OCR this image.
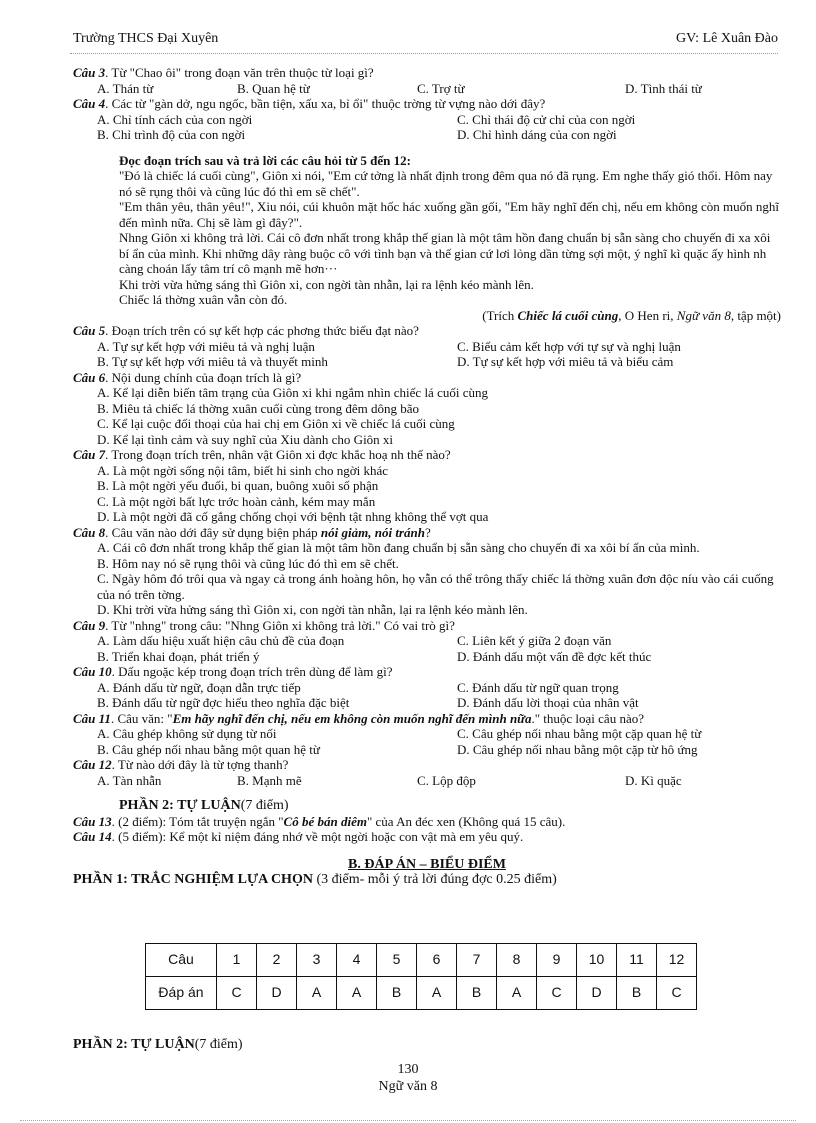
Trường THCS Đại Xuyên	GV: Lê Xuân Đào
Câu 3. Từ "Chao ôi" trong đoạn văn trên thuộc từ loại gì?
A. Thán từ	B. Quan hệ từ	C. Trợ từ	D. Tình thái từ
Câu 4. Các từ "gàn dở, ngu ngốc, bần tiện, xấu xa, bỉ ổi" thuộc trờng từ vựng nào dới đây?
A. Chỉ tính cách của con ngời	C. Chỉ thái độ cử chỉ của con ngời
B. Chỉ trình độ của con ngời	D. Chỉ hình dáng của con ngời
Đọc đoạn trích sau và trả lời các câu hỏi từ 5 đến 12:

"Đó là chiếc lá cuối cùng", Giôn xi nói, "Em cứ tởng là nhất định trong đêm qua nó đã rụng. Em nghe thấy gió thổi. Hôm nay nó sẽ rụng thôi và cũng lúc đó thì em sẽ chết".

"Em thân yêu, thân yêu!", Xiu nói, cúi khuôn mặt hốc hác xuống gần gối, "Em hãy nghĩ đến chị, nếu em không còn muốn nghĩ đến mình nữa. Chị sẽ làm gì đây?".

Nhng Giôn xi không trả lời. Cái cô đơn nhất trong khắp thế gian là một tâm hồn đang chuẩn bị sẵn sàng cho chuyến đi xa xôi bí ẩn của mình. Khi những dây ràng buộc cô với tình bạn và thế gian cứ lơi lỏng dần từng sợi một, ý nghĩ kì quặc ấy hình nh càng choán lấy tâm trí cô mạnh mẽ hơn···

Khi trời vừa hửng sáng thì Giôn xi, con ngời tàn nhẫn, lại ra lệnh kéo mành lên.

Chiếc lá thờng xuân vẫn còn đó.

(Trích Chiếc lá cuối cùng, O Hen ri, Ngữ văn 8, tập một)

Câu 5. Đoạn trích trên có sự kết hợp các phơng thức biểu đạt nào?
A. Tự sự kết hợp với miêu tả và nghị luận	C. Biểu cảm kết hợp với tự sự và nghị luận
B. Tự sự kết hợp với miêu tả và thuyết minh	D. Tự sự kết hợp với miêu tả và biểu cảm
Câu 6. Nội dung chính của đoạn trích là gì?
A. Kể lại diễn biến tâm trạng của Giôn xi khi ngắm nhìn chiếc lá cuối cùng
B. Miêu tả chiếc lá thờng xuân cuối cùng trong đêm dông bão
C. Kể lại cuộc đối thoại của hai chị em Giôn xi về chiếc lá cuối cùng
D. Kể lại tình cảm và suy nghĩ của Xiu dành cho Giôn xi
Câu 7. Trong đoạn trích trên, nhân vật Giôn xi đợc khắc hoạ nh thế nào?
A. Là một ngời sống nội tâm, biết hi sinh cho ngời khác
B. Là một ngời yếu đuối, bi quan, buông xuôi số phận
C. Là một ngời bất lực trớc hoàn cảnh, kém may mắn
D. Là một ngời đã cố gắng chống chọi với bệnh tật nhng không thể vợt qua
Câu 8. Câu văn nào dới đây sử dụng biện pháp nói giảm, nói tránh?
A. Cái cô đơn nhất trong khắp thế gian là một tâm hồn đang chuẩn bị sẵn sàng cho chuyến đi xa xôi bí ẩn của mình.
B. Hôm nay nó sẽ rụng thôi và cũng lúc đó thì em sẽ chết.
C. Ngày hôm đó trôi qua và ngay cả trong ánh hoàng hôn, họ vẫn có thể trông thấy chiếc lá thờng xuân đơn độc níu vào cái cuống của nó trên tờng.
D. Khi trời vừa hửng sáng thì Giôn xi, con ngời tàn nhẫn, lại ra lệnh kéo mành lên.
Câu 9. Từ "nhng" trong câu: "Nhng Giôn xi không trả lời." Có vai trò gì?
A. Làm dấu hiệu xuất hiện câu chủ đề của đoạn	C. Liên kết ý giữa 2 đoạn văn
B. Triển khai đoạn, phát triển ý	D. Đánh dấu một vấn đề đợc kết thúc
Câu 10. Dấu ngoặc kép trong đoạn trích trên dùng để làm gì?
A. Đánh dấu từ ngữ, đoạn dẫn trực tiếp	C. Đánh dấu từ ngữ quan trọng
B. Đánh dấu từ ngữ đợc hiểu theo nghĩa đặc biệt	D. Đánh dấu lời thoại của nhân vật
Câu 11. Câu văn: "Em hãy nghĩ đến chị, nếu em không còn muốn nghĩ đến mình nữa." thuộc loại câu nào?
A. Câu ghép không sử dụng từ nối	C. Câu ghép nối nhau bằng một cặp quan hệ từ
B. Câu ghép nối nhau bằng một quan hệ từ	D. Câu ghép nối nhau bằng một cặp từ hô ứng
Câu 12. Từ nào dới đây là từ tợng thanh?
A. Tàn nhẫn	B. Mạnh mẽ	C. Lộp độp	D. Kì quặc
PHẦN 2: TỰ LUẬN(7 điểm)
Câu 13. (2 điểm): Tóm tắt truyện ngắn "Cô bé bán diêm" của An đéc xen (Không quá 15 câu).
Câu 14. (5 điểm): Kể một kỉ niệm đáng nhớ về một ngời hoặc con vật mà em yêu quý.
B. ĐÁP ÁN – BIỂU ĐIỂM
PHẦN 1: TRẮC NGHIỆM LỰA CHỌN (3 điểm- mỗi ý trả lời đúng đợc 0.25 điểm)
Câu	1	2	3	4	5	6	7	8	9	10	11	12
Đáp án	C	D	A	A	B	A	B	A	C	D	B	C
PHẦN 2: TỰ LUẬN(7 điểm)
130
Ngữ văn 8
